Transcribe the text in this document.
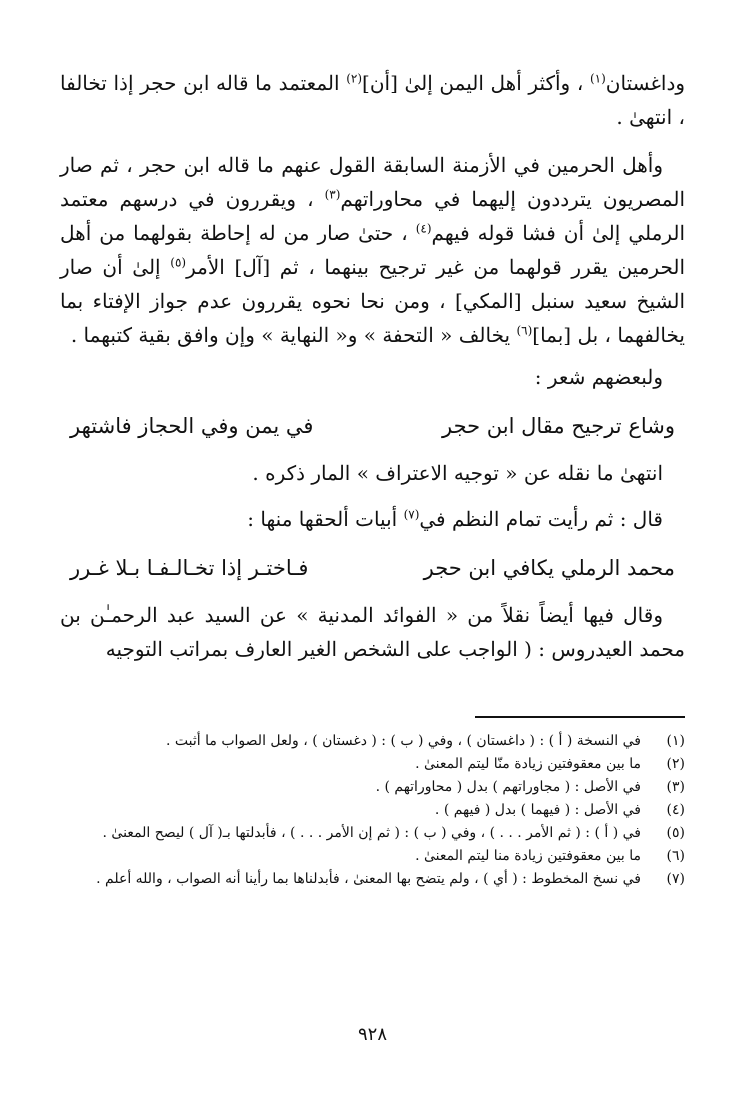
وداغستان$^{(١)}$ ، وأكثر أهل اليمن إلىٰ [أن]$^{(٢)}$ المعتمد ما قاله ابن حجر إذا تخالفا ، انتهىٰ .

وأهل الحرمين في الأزمنة السابقة القول عنهم ما قاله ابن حجر ، ثم صار المصريون يترددون إليهما في محاوراتهم$^{(٣)}$ ، ويقررون في درسهم معتمد الرملي إلىٰ أن فشا قوله فيهم$^{(٤)}$ ، حتىٰ صار من له إحاطة بقولهما من أهل الحرمين يقرر قولهما من غير ترجيح بينهما ، ثم [آل] الأمر$^{(٥)}$ إلىٰ أن صار الشيخ سعيد سنبل [المكي] ، ومن نحا نحوه يقررون عدم جواز الإفتاء بما يخالفهما ، بل [بما]$^{(٦)}$ يخالف « التحفة » و« النهاية » وإن وافق بقية كتبهما .

ولبعضهم شعر :
وشاع ترجيح مقال ابن حجر
في يمن وفي الحجاز فاشتهر
انتهىٰ ما نقله عن « توجيه الاعتراف » المار ذكره .
قال : ثم رأيت تمام النظم في$^{(٧)}$ أبيات ألحقها منها :
محمد الرملي يكافي ابن حجر
فـاختـر إذا تخـالـفـا بـلا غـرر

وقال فيها أيضاً نقلاً من « الفوائد المدنية » عن السيد عبد الرحمـٰن بن محمد العيدروس : ( الواجب على الشخص الغير العارف بمراتب التوجيه

(١)
في النسخة ( أ ) : ( داغستان ) ، وفي ( ب ) : ( دغستان ) ، ولعل الصواب ما أثبت .

(٢)
ما بين معقوفتين زيادة منّا ليتم المعنىٰ .

(٣)
في الأصل : ( مجاوراتهم ) بدل ( محاوراتهم ) .

(٤)
في الأصل : ( فيهما ) بدل ( فيهم ) .

(٥)
في ( أ ) : ( ثم الأمر . . . ) ، وفي ( ب ) : ( ثم إن الأمر . . . ) ، فأبدلتها بـ( آل ) ليصح المعنىٰ .

(٦)
ما بين معقوفتين زيادة منا ليتم المعنىٰ .

(٧)
في نسخ المخطوط : ( أي ) ، ولم يتضح بها المعنىٰ ، فأبدلناها بما رأينا أنه الصواب ، والله أعلم .

٩٢٨
